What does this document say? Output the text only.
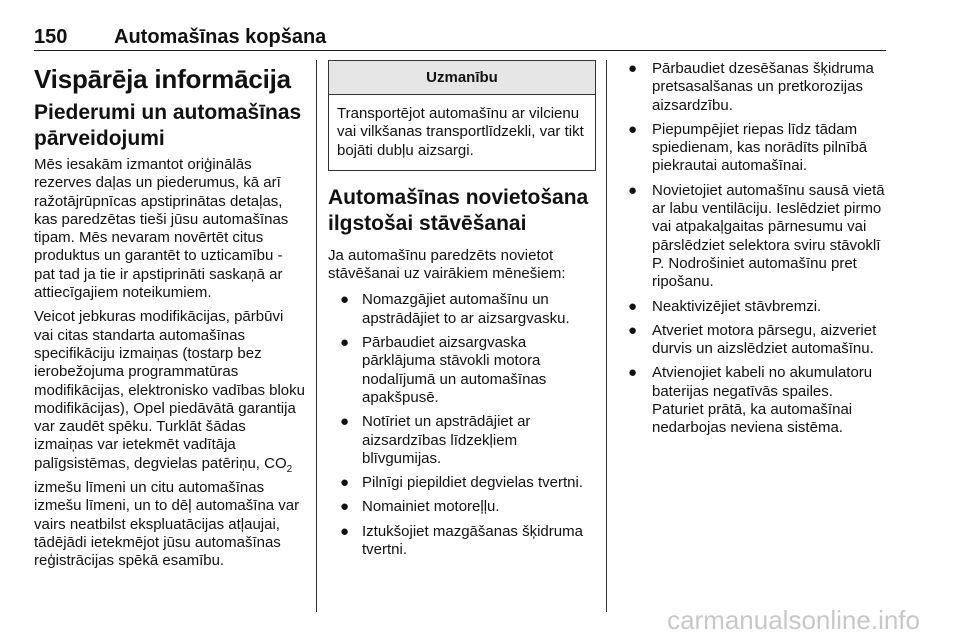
150 Automašīnas kopšana
Vispārēja informācija
Piederumi un automašīnas pārveidojumi

Mēs iesakām izmantot oriģinālās rezerves daļas un piederumus, kā arī ražotājrūpnīcas apstiprinātas detaļas, kas paredzētas tieši jūsu automašīnas tipam. Mēs nevaram novērtēt citus produktus un garantēt to uzticamību - pat tad ja tie ir apstiprināti saskaņā ar attiecīgajiem noteikumiem.

Veicot jebkuras modifikācijas, pārbūvi vai citas standarta automašīnas specifikāciju izmaiņas (tostarp bez ierobežojuma programmatūras modifikācijas, elektronisko vadības bloku modifikācijas), Opel piedāvātā garantija var zaudēt spēku. Turklāt šādas izmaiņas var ietekmēt vadītāja palīgsistēmas, degvielas patēriņu, $CO_2$ izmešu līmeni un citu automašīnas izmešu līmeni, un to dēļ automašīna var vairs neatbilst ekspluatācijas atļaujai, tādējādi ietekmējot jūsu automašīnas reģistrācijas spēkā esamību.

Uzmanību
Transportējot automašīnu ar vilcienu vai vilkšanas transportlīdzekli, var tikt bojāti dubļu aizsargi.
Automašīnas novietošana ilgstošai stāvēšanai

Ja automašīnu paredzēts novietot stāvēšanai uz vairākiem mēnešiem:

● Nomazgājiet automašīnu un apstrādājiet to ar aizsargvasku.
● Pārbaudiet aizsargvaska pārklājuma stāvokli motora nodalījumā un automašīnas apakšpusē.
● Notīriet un apstrādājiet ar aizsardzības līdzekļiem blīvgumijas.
● Pilnīgi piepildiet degvielas tvertni.
● Nomainiet motoreļļu.
● Iztukšojiet mazgāšanas šķidruma tvertni.
● Pārbaudiet dzesēšanas šķidruma pretsasalšanas un pretkorozijas aizsardzību.
● Piepumpējiet riepas līdz tādam spiedienam, kas norādīts pilnībā piekrautai automašīnai.
● Novietojiet automašīnu sausā vietā ar labu ventilāciju. Ieslēdziet pirmo vai atpakaļgaitas pārnesumu vai pārslēdziet selektora sviru stāvoklī P. Nodrošiniet automašīnu pret ripošanu.
● Neaktivizējiet stāvbremzi.
● Atveriet motora pārsegu, aizveriet durvis un aizslēdziet automašīnu.
● Atvienojiet kabeli no akumulatoru baterijas negatīvās spailes. Paturiet prātā, ka automašīnai nedarbojas neviena sistēma.
carmanualsonline.info
